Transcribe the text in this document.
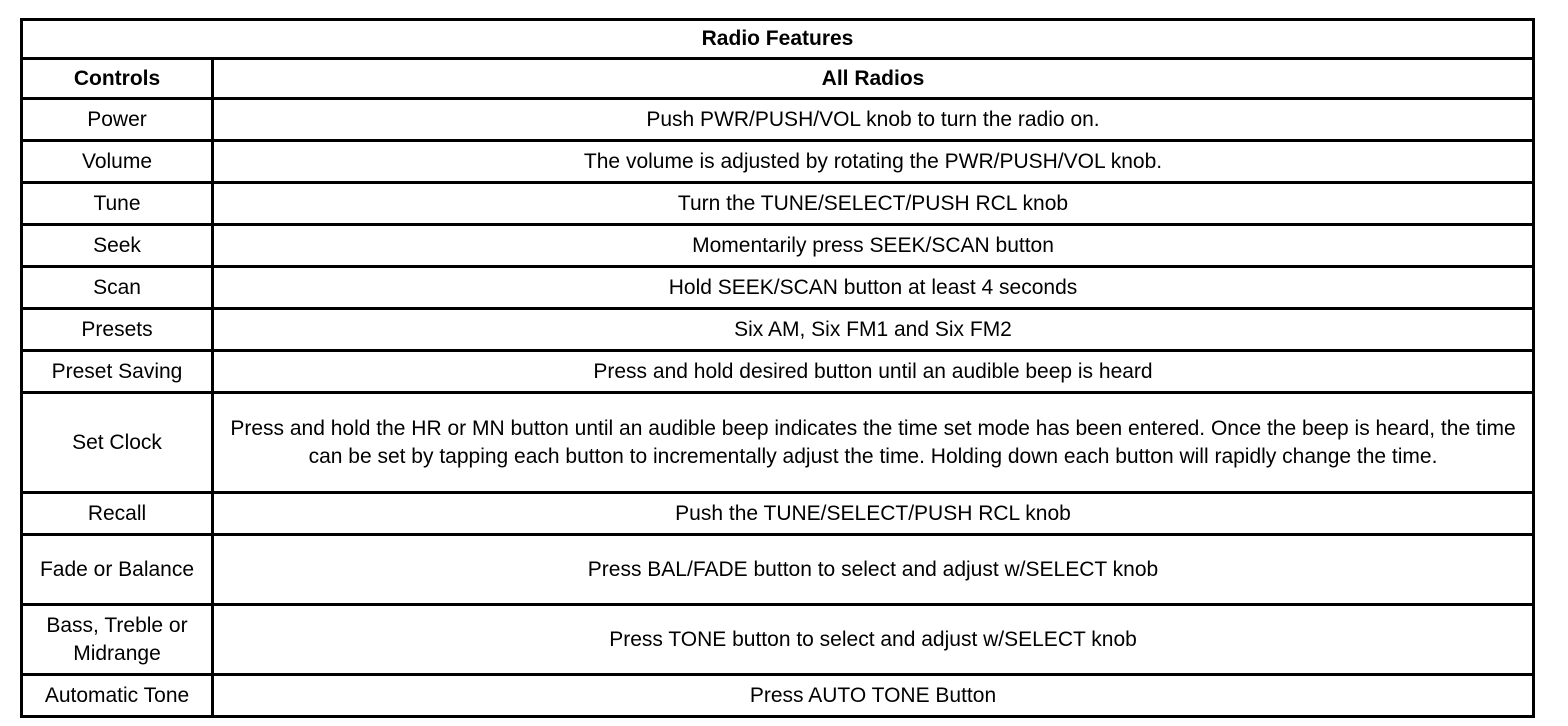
Radio Features	
Controls	All Radios
Power	Push PWR/PUSH/VOL knob to turn the radio on.
Volume	The volume is adjusted by rotating the PWR/PUSH/VOL knob.
Tune	Turn the TUNE/SELECT/PUSH RCL knob
Seek	Momentarily press SEEK/SCAN button
Scan	Hold SEEK/SCAN button at least 4 seconds
Presets	Six AM, Six FM1 and Six FM2
Preset Saving	Press and hold desired button until an audible beep is heard
Set Clock	Press and hold the HR or MN button until an audible beep indicates the time set mode has been entered. Once the beep is heard, the time can be set by tapping each button to incrementally adjust the time. Holding down each button will rapidly change the time.
Recall	Push the TUNE/SELECT/PUSH RCL knob
Fade or Balance	Press BAL/FADE button to select and adjust w/SELECT knob
Bass, Treble or Midrange	Press TONE button to select and adjust w/SELECT knob
Automatic Tone	Press AUTO TONE Button
